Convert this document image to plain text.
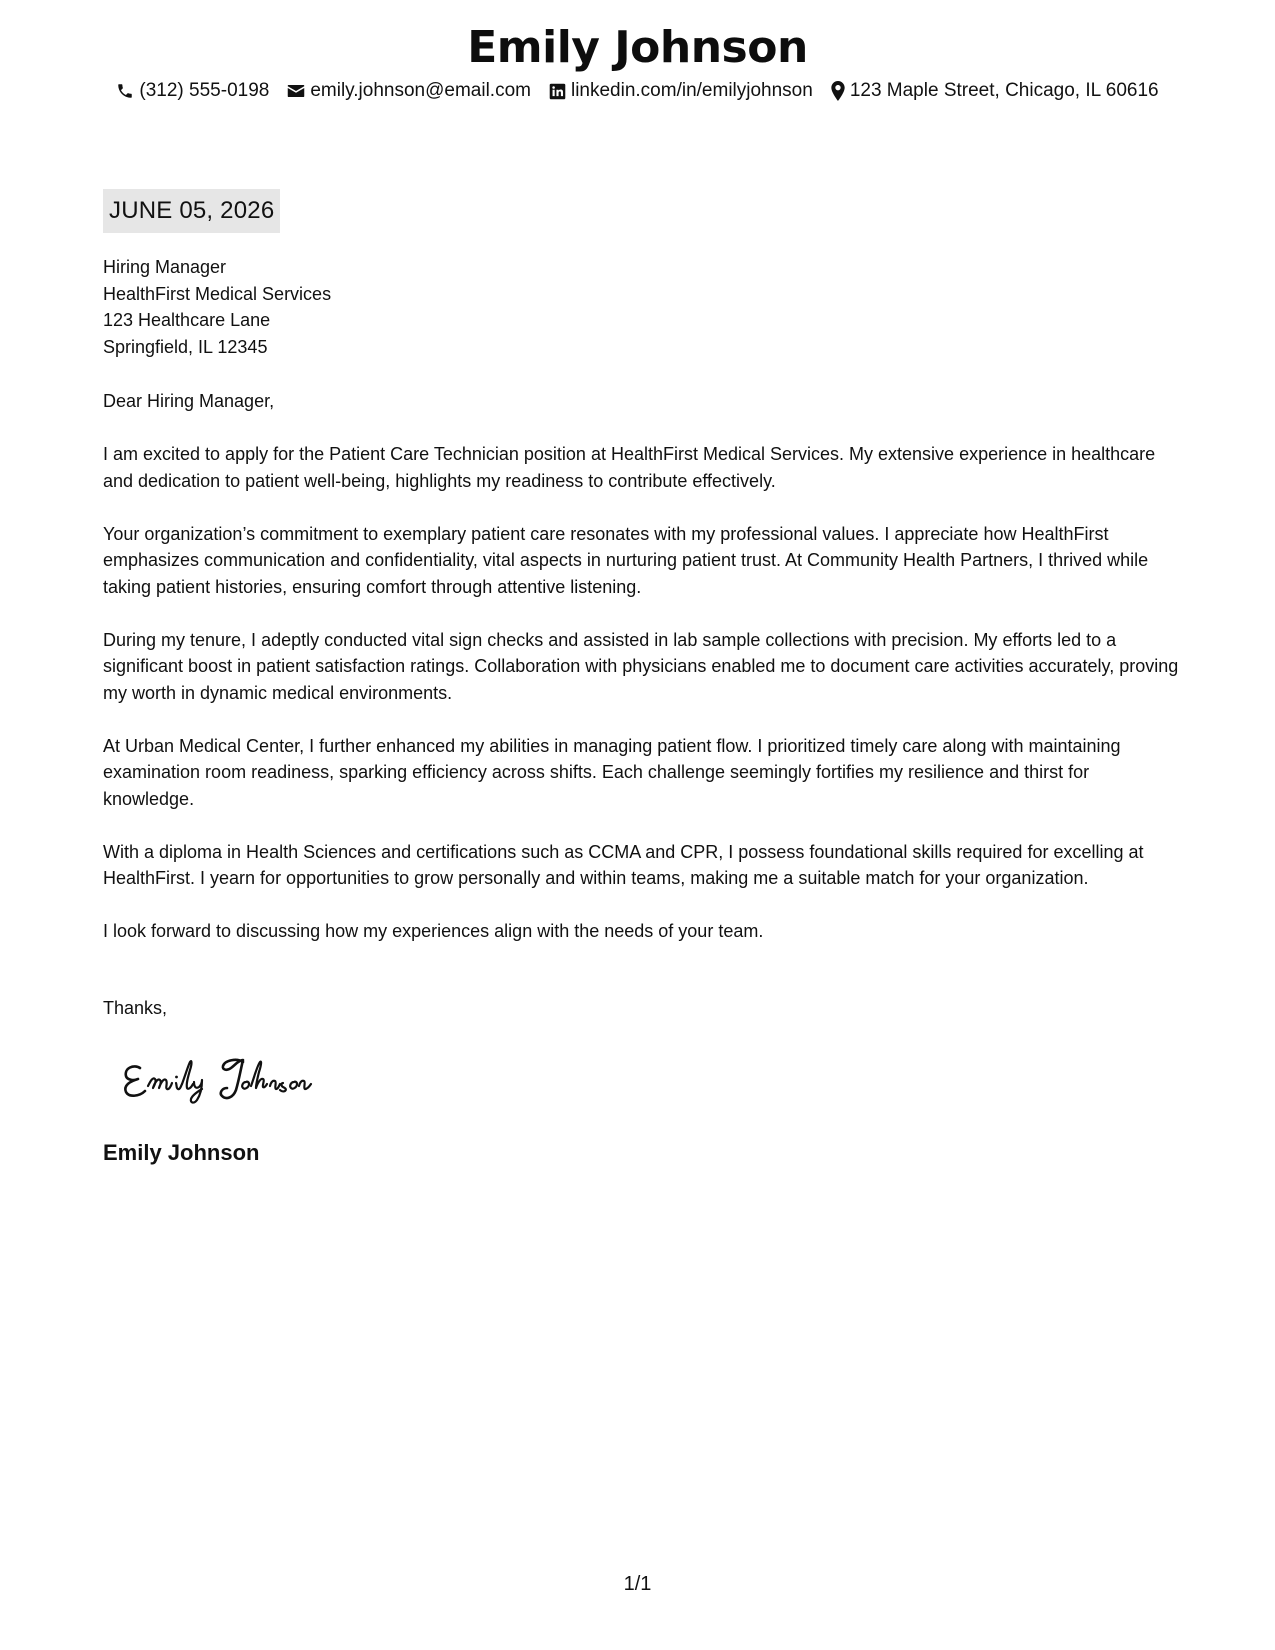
Emily Johnson
(312) 555-0198 emily.johnson@email.com linkedin.com/in/emilyjohnson 123 Maple Street, Chicago, IL 60616
JUNE 05, 2026
Hiring Manager
HealthFirst Medical Services
123 Healthcare Lane
Springfield, IL 12345

Dear Hiring Manager,

I am excited to apply for the Patient Care Technician position at HealthFirst Medical Services. My extensive experience in healthcare and dedication to patient well-being, highlights my readiness to contribute effectively.

Your organization’s commitment to exemplary patient care resonates with my professional values. I appreciate how HealthFirst emphasizes communication and confidentiality, vital aspects in nurturing patient trust. At Community Health Partners, I thrived while taking patient histories, ensuring comfort through attentive listening.

During my tenure, I adeptly conducted vital sign checks and assisted in lab sample collections with precision. My efforts led to a significant boost in patient satisfaction ratings. Collaboration with physicians enabled me to document care activities accurately, proving my worth in dynamic medical environments.

At Urban Medical Center, I further enhanced my abilities in managing patient flow. I prioritized timely care along with maintaining examination room readiness, sparking efficiency across shifts. Each challenge seemingly fortifies my resilience and thirst for knowledge.

With a diploma in Health Sciences and certifications such as CCMA and CPR, I possess foundational skills required for excelling at HealthFirst. I yearn for opportunities to grow personally and within teams, making me a suitable match for your organization.

I look forward to discussing how my experiences align with the needs of your team.

Thanks,
Emily Johnson
1/1
